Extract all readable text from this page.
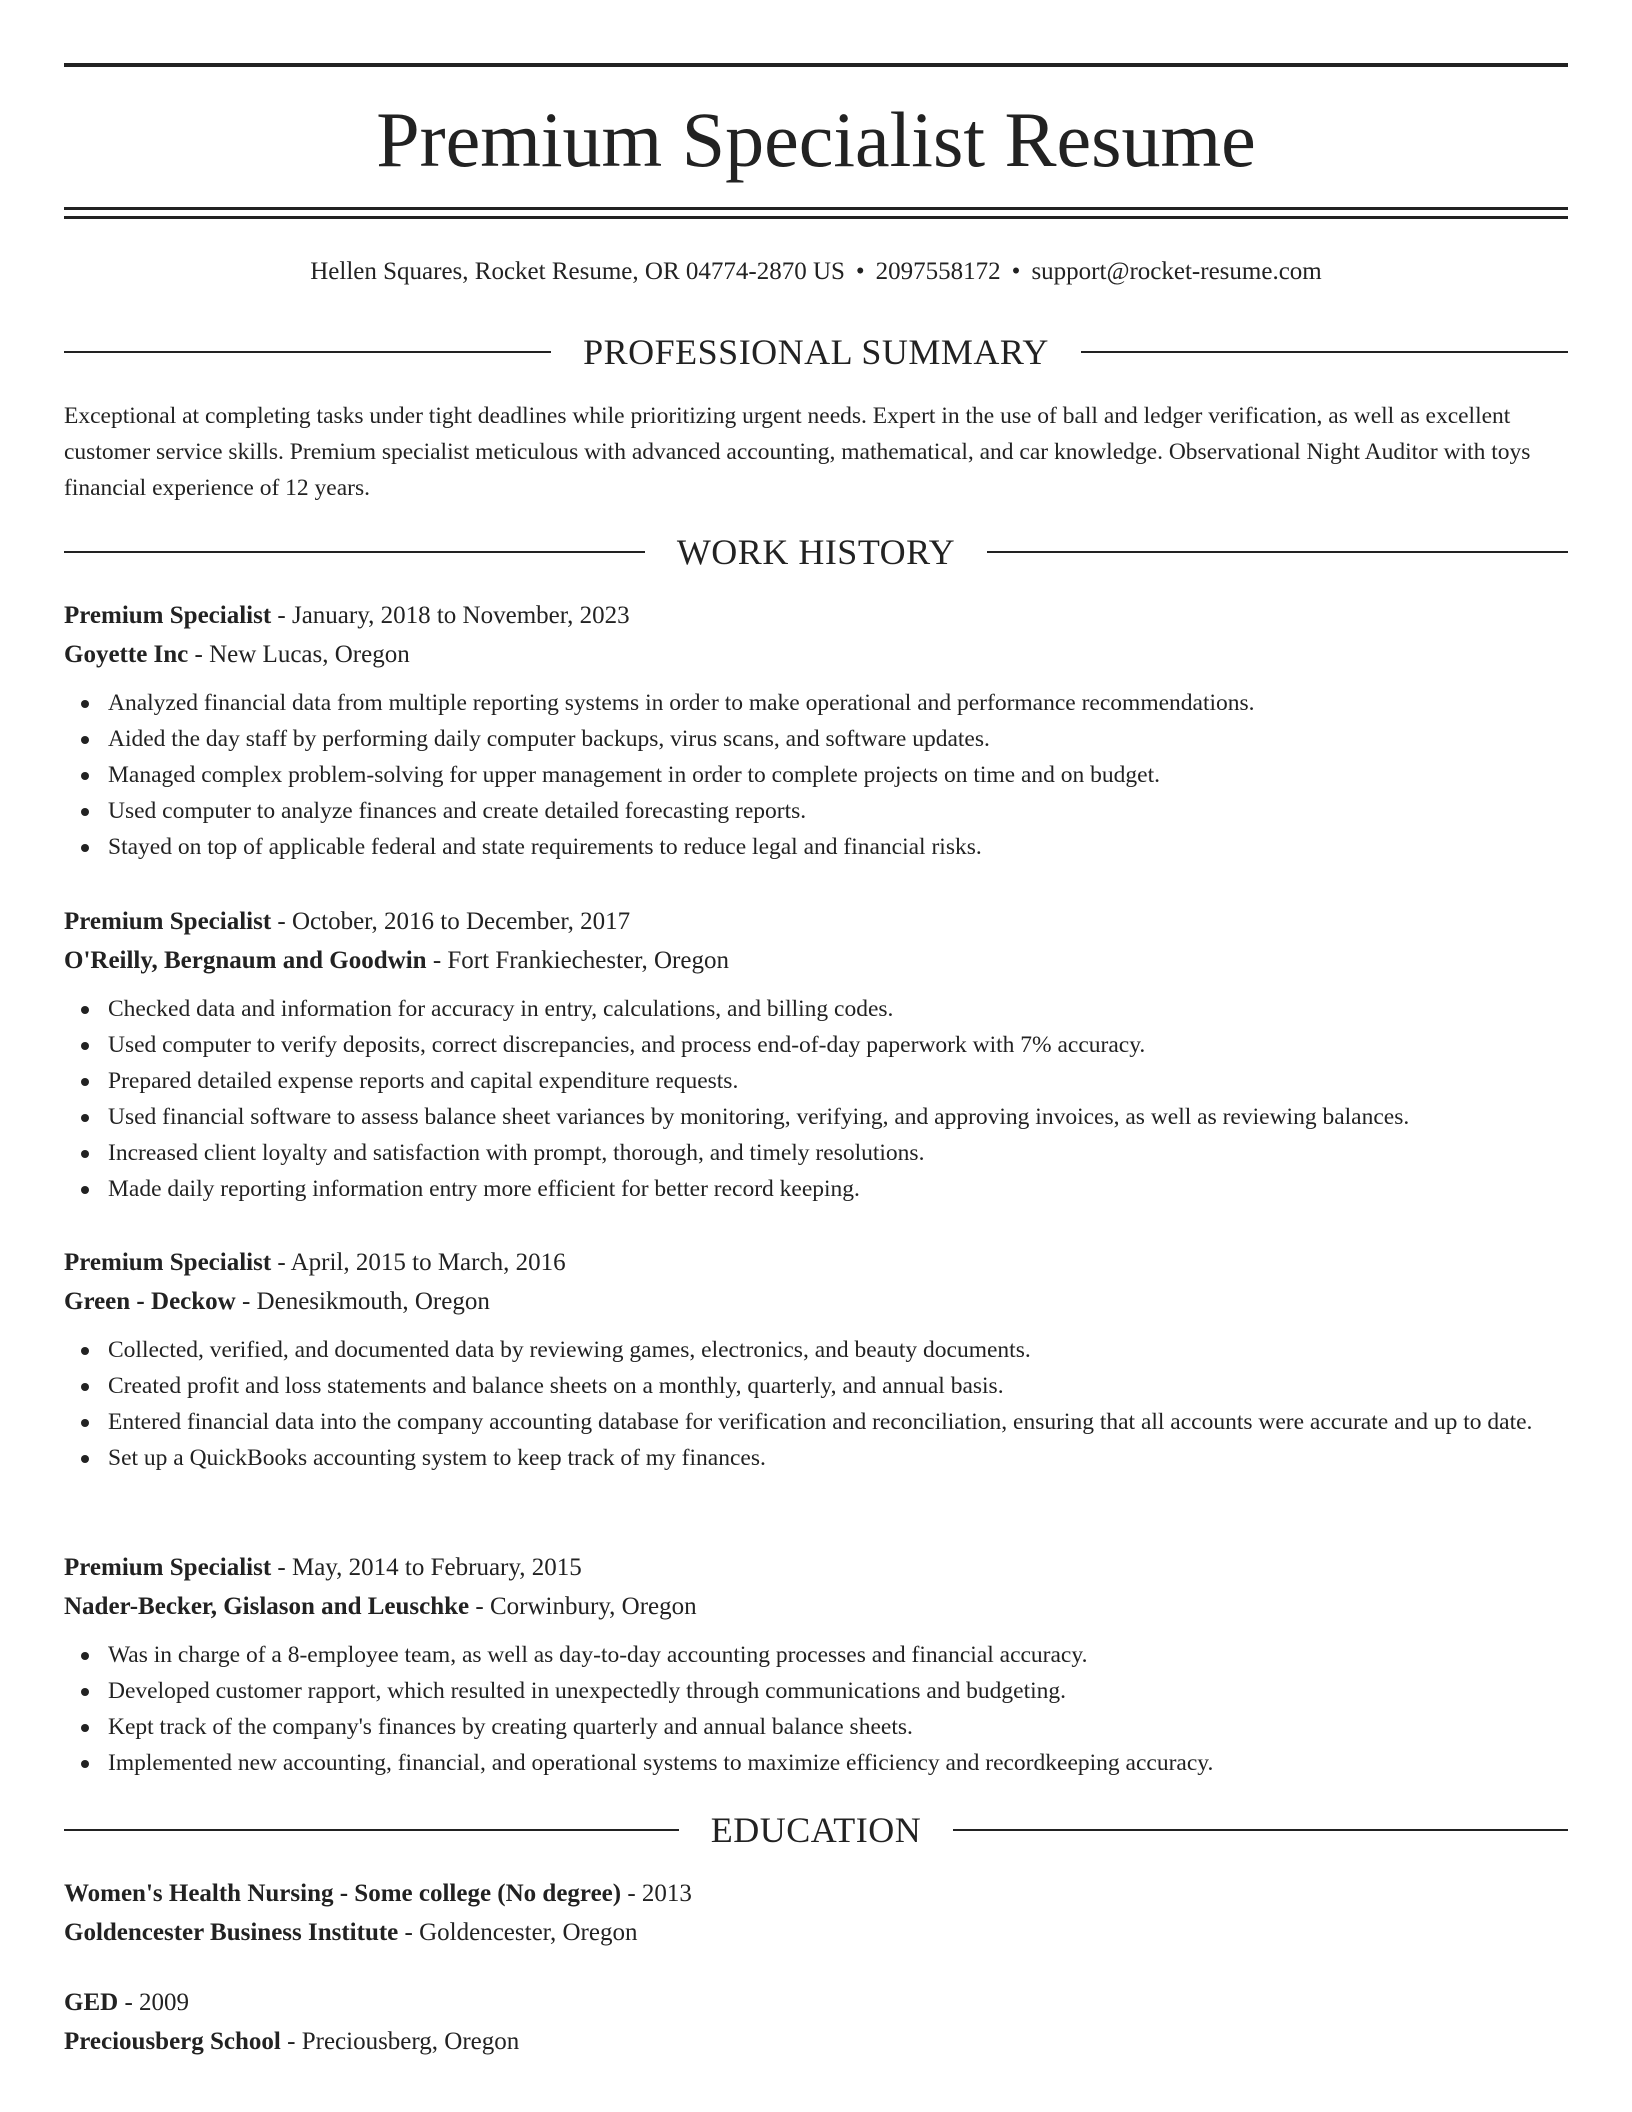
Premium Specialist Resume
Hellen Squares, Rocket Resume, OR 04774-2870 US • 2097558172 • support@rocket-resume.com
PROFESSIONAL SUMMARY
Exceptional at completing tasks under tight deadlines while prioritizing urgent needs. Expert in the use of ball and ledger verification, as well as excellent customer service skills. Premium specialist meticulous with advanced accounting, mathematical, and car knowledge. Observational Night Auditor with toys financial experience of 12 years.
WORK HISTORY
Premium Specialist - January, 2018 to November, 2023
Goyette Inc - New Lucas, Oregon
Analyzed financial data from multiple reporting systems in order to make operational and performance recommendations.
Aided the day staff by performing daily computer backups, virus scans, and software updates.
Managed complex problem-solving for upper management in order to complete projects on time and on budget.
Used computer to analyze finances and create detailed forecasting reports.
Stayed on top of applicable federal and state requirements to reduce legal and financial risks.
Premium Specialist - October, 2016 to December, 2017
O'Reilly, Bergnaum and Goodwin - Fort Frankiechester, Oregon
Checked data and information for accuracy in entry, calculations, and billing codes.
Used computer to verify deposits, correct discrepancies, and process end-of-day paperwork with 7% accuracy.
Prepared detailed expense reports and capital expenditure requests.
Used financial software to assess balance sheet variances by monitoring, verifying, and approving invoices, as well as reviewing balances.
Increased client loyalty and satisfaction with prompt, thorough, and timely resolutions.
Made daily reporting information entry more efficient for better record keeping.
Premium Specialist - April, 2015 to March, 2016
Green - Deckow - Denesikmouth, Oregon
Collected, verified, and documented data by reviewing games, electronics, and beauty documents.
Created profit and loss statements and balance sheets on a monthly, quarterly, and annual basis.
Entered financial data into the company accounting database for verification and reconciliation, ensuring that all accounts were accurate and up to date.
Set up a QuickBooks accounting system to keep track of my finances.
Premium Specialist - May, 2014 to February, 2015
Nader-Becker, Gislason and Leuschke - Corwinbury, Oregon
Was in charge of a 8-employee team, as well as day-to-day accounting processes and financial accuracy.
Developed customer rapport, which resulted in unexpectedly through communications and budgeting.
Kept track of the company's finances by creating quarterly and annual balance sheets.
Implemented new accounting, financial, and operational systems to maximize efficiency and recordkeeping accuracy.
EDUCATION
Women's Health Nursing - Some college (No degree) - 2013
Goldencester Business Institute - Goldencester, Oregon
GED - 2009
Preciousberg School - Preciousberg, Oregon
